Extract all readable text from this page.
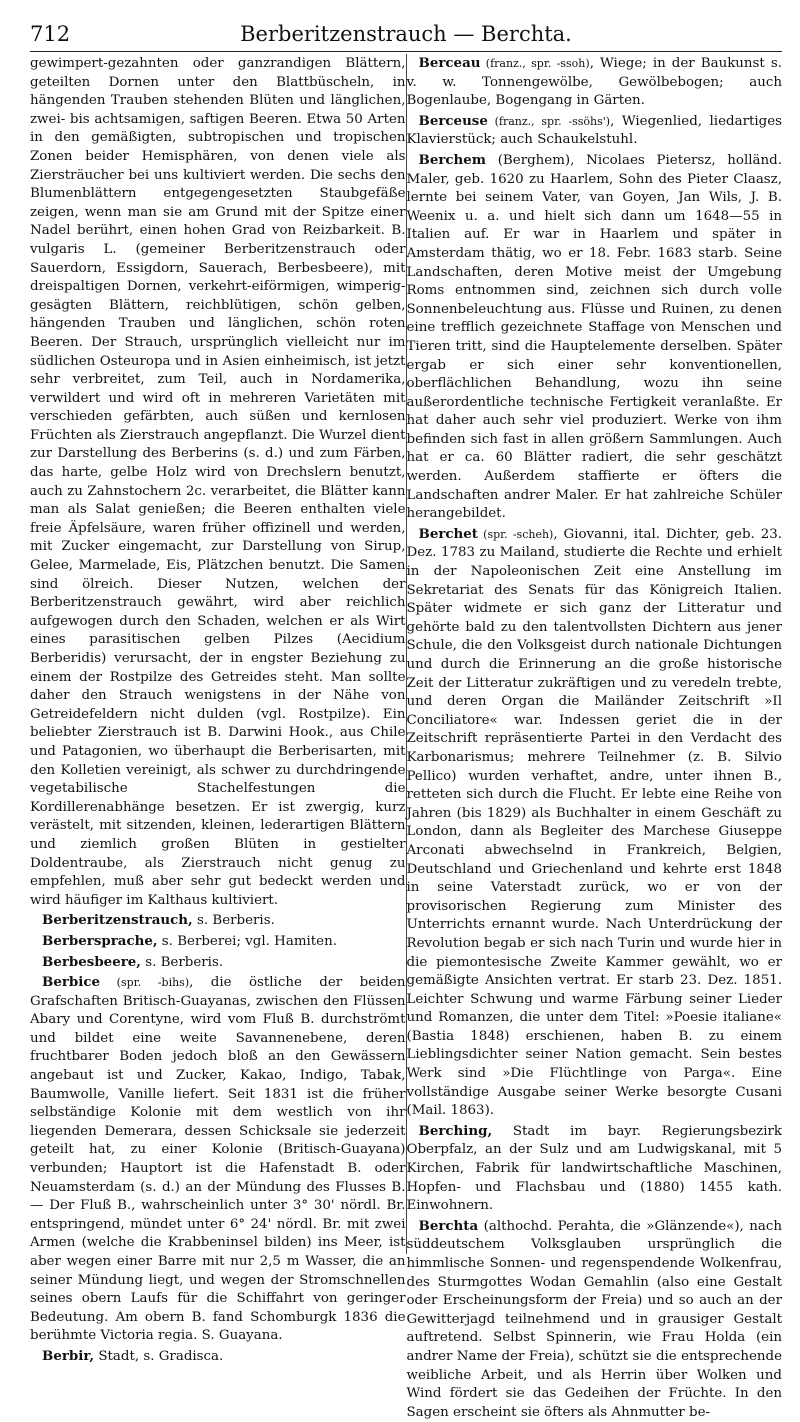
712	Berberitzenstrauch — Berchta.

gewimpert-gezahnten oder ganzrandigen Blättern, geteilten Dornen unter den Blattbüscheln, in hängenden Trauben stehenden Blüten und länglichen, zwei- bis achtsamigen, saftigen Beeren. Etwa 50 Arten in den gemäßigten, subtropischen und tropischen Zonen beider Hemisphären, von denen viele als Ziersträucher bei uns kultiviert werden. Die sechs den Blumenblättern entgegengesetzten Staubgefäße zeigen, wenn man sie am Grund mit der Spitze einer Nadel berührt, einen hohen Grad von Reizbarkeit. B. vulgaris L. (gemeiner Berberitzenstrauch oder Sauerdorn, Essigdorn, Sauerach, Berbesbeere), mit dreispaltigen Dornen, verkehrt-eiförmigen, wimperig-gesägten Blättern, reichblütigen, schön gelben, hängenden Trauben und länglichen, schön roten Beeren. Der Strauch, ursprünglich vielleicht nur im südlichen Osteuropa und in Asien einheimisch, ist jetzt sehr verbreitet, zum Teil, auch in Nordamerika, verwildert und wird oft in mehreren Varietäten mit verschieden gefärbten, auch süßen und kernlosen Früchten als Zierstrauch angepflanzt. Die Wurzel dient zur Darstellung des Berberins (s. d.) und zum Färben, das harte, gelbe Holz wird von Drechslern benutzt, auch zu Zahnstochern 2c. verarbeitet, die Blätter kann man als Salat genießen; die Beeren enthalten viele freie Äpfelsäure, waren früher offizinell und werden, mit Zucker eingemacht, zur Darstellung von Sirup, Gelee, Marmelade, Eis, Plätzchen benutzt. Die Samen sind ölreich. Dieser Nutzen, welchen der Berberitzenstrauch gewährt, wird aber reichlich aufgewogen durch den Schaden, welchen er als Wirt eines parasitischen gelben Pilzes (Aecidium Berberidis) verursacht, der in engster Beziehung zu einem der Rostpilze des Getreides steht. Man sollte daher den Strauch wenigstens in der Nähe von Getreidefeldern nicht dulden (vgl. Rostpilze). Ein beliebter Zierstrauch ist B. Darwini Hook., aus Chile und Patagonien, wo überhaupt die Berberisarten, mit den Kolletien vereinigt, als schwer zu durchdringende vegetabilische Stachelfestungen die Kordillerenabhänge besetzen. Er ist zwergig, kurz verästelt, mit sitzenden, kleinen, lederartigen Blättern und ziemlich großen Blüten in gestielter Doldentraube, als Zierstrauch nicht genug zu empfehlen, muß aber sehr gut bedeckt werden und wird häufiger im Kalthaus kultiviert.

Berberitzenstrauch, s. Berberis.

Berbersprache, s. Berberei; vgl. Hamiten.

Berbesbeere, s. Berberis.

Berbice (spr. -bihs), die östliche der beiden Grafschaften Britisch-Guayanas, zwischen den Flüssen Abary und Corentyne, wird vom Fluß B. durchströmt und bildet eine weite Savannenebene, deren fruchtbarer Boden jedoch bloß an den Gewässern angebaut ist und Zucker, Kakao, Indigo, Tabak, Baumwolle, Vanille liefert. Seit 1831 ist die früher selbständige Kolonie mit dem westlich von ihr liegenden Demerara, dessen Schicksale sie jederzeit geteilt hat, zu einer Kolonie (Britisch-Guayana) verbunden; Hauptort ist die Hafenstadt B. oder Neuamsterdam (s. d.) an der Mündung des Flusses B. — Der Fluß B., wahrscheinlich unter 3° 30' nördl. Br. entspringend, mündet unter 6° 24' nördl. Br. mit zwei Armen (welche die Krabbeninsel bilden) ins Meer, ist aber wegen einer Barre mit nur 2,5 m Wasser, die an seiner Mündung liegt, und wegen der Stromschnellen seines obern Laufs für die Schiffahrt von geringer Bedeutung. Am obern B. fand Schomburgk 1836 die berühmte Victoria regia. S. Guayana.

Berbir, Stadt, s. Gradisca.

Berceau (franz., spr. -ssoh), Wiege; in der Baukunst s. v. w. Tonnengewölbe, Gewölbebogen; auch Bogenlaube, Bogengang in Gärten.

Berceuse (franz., spr. -ssöhs'), Wiegenlied, liedartiges Klavierstück; auch Schaukelstuhl.

Berchem (Berghem), Nicolaes Pietersz, holländ. Maler, geb. 1620 zu Haarlem, Sohn des Pieter Claasz, lernte bei seinem Vater, van Goyen, Jan Wils, J. B. Weenix u. a. und hielt sich dann um 1648—55 in Italien auf. Er war in Haarlem und später in Amsterdam thätig, wo er 18. Febr. 1683 starb. Seine Landschaften, deren Motive meist der Umgebung Roms entnommen sind, zeichnen sich durch volle Sonnenbeleuchtung aus. Flüsse und Ruinen, zu denen eine trefflich gezeichnete Staffage von Menschen und Tieren tritt, sind die Hauptelemente derselben. Später ergab er sich einer sehr konventionellen, oberflächlichen Behandlung, wozu ihn seine außerordentliche technische Fertigkeit veranlaßte. Er hat daher auch sehr viel produziert. Werke von ihm befinden sich fast in allen größern Sammlungen. Auch hat er ca. 60 Blätter radiert, die sehr geschätzt werden. Außerdem staffierte er öfters die Landschaften andrer Maler. Er hat zahlreiche Schüler herangebildet.

Berchet (spr. -scheh), Giovanni, ital. Dichter, geb. 23. Dez. 1783 zu Mailand, studierte die Rechte und erhielt in der Napoleonischen Zeit eine Anstellung im Sekretariat des Senats für das Königreich Italien. Später widmete er sich ganz der Litteratur und gehörte bald zu den talentvollsten Dichtern aus jener Schule, die den Volksgeist durch nationale Dichtungen und durch die Erinnerung an die große historische Zeit der Litteratur zukräftigen und zu veredeln trebte, und deren Organ die Mailänder Zeitschrift »Il Conciliatore« war. Indessen geriet die in der Zeitschrift repräsentierte Partei in den Verdacht des Karbonarismus; mehrere Teilnehmer (z. B. Silvio Pellico) wurden verhaftet, andre, unter ihnen B., retteten sich durch die Flucht. Er lebte eine Reihe von Jahren (bis 1829) als Buchhalter in einem Geschäft zu London, dann als Begleiter des Marchese Giuseppe Arconati abwechselnd in Frankreich, Belgien, Deutschland und Griechenland und kehrte erst 1848 in seine Vaterstadt zurück, wo er von der provisorischen Regierung zum Minister des Unterrichts ernannt wurde. Nach Unterdrückung der Revolution begab er sich nach Turin und wurde hier in die piemontesische Zweite Kammer gewählt, wo er gemäßigte Ansichten vertrat. Er starb 23. Dez. 1851. Leichter Schwung und warme Färbung seiner Lieder und Romanzen, die unter dem Titel: »Poesie italiane« (Bastia 1848) erschienen, haben B. zu einem Lieblingsdichter seiner Nation gemacht. Sein bestes Werk sind »Die Flüchtlinge von Parga«. Eine vollständige Ausgabe seiner Werke besorgte Cusani (Mail. 1863).

Berching, Stadt im bayr. Regierungsbezirk Oberpfalz, an der Sulz und am Ludwigskanal, mit 5 Kirchen, Fabrik für landwirtschaftliche Maschinen, Hopfen- und Flachsbau und (1880) 1455 kath. Einwohnern.

Berchta (althochd. Perahta, die »Glänzende«), nach süddeutschem Volksglauben ursprünglich die himmlische Sonnen- und regenspendende Wolkenfrau, des Sturmgottes Wodan Gemahlin (also eine Gestalt oder Erscheinungsform der Freia) und so auch an der Gewitterjagd teilnehmend und in grausiger Gestalt auftretend. Selbst Spinnerin, wie Frau Holda (ein andrer Name der Freia), schützt sie die entsprechende weibliche Arbeit, und als Herrin über Wolken und Wind fördert sie das Gedeihen der Früchte. In den Sagen erscheint sie öfters als Ahnmutter be-
